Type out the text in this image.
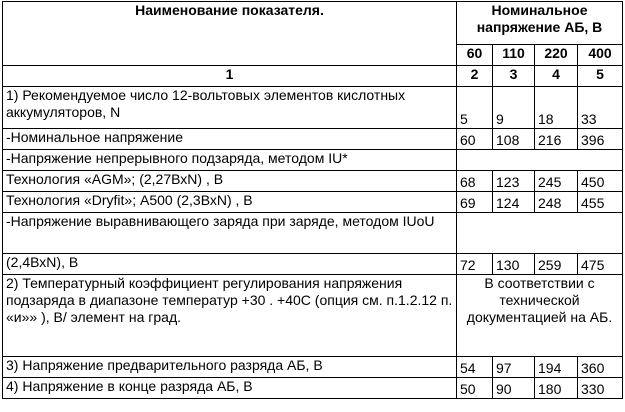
Наименование показателя.	Номинальное напряжение АБ, В			
	60	110	220	400
1	2	3	4	5
1) Рекомендуемое число 12-вольтовых элементов кислотных аккумуляторов, N	5	9	18	33
-Номинальное напряжение	60	108	216	396
-Напряжение непрерывного подзаряда, методом IU*				
Технология «AGM»; (2,27ВхN) , В	68	123	245	450
Технология «Dryfit»; А500 (2,3ВхN) , В	69	124	248	455
-Напряжение выравнивающего заряда при заряде, методом IUoU				
(2,4ВхN), В	72	130	259	475
2) Температурный коэффициент регулирования напряжения подзаряда в диапазоне температур +30 . +40С (опция см. п.1.2.12 п. «и»» ), В/ элемент на град.	В соответствии с технической документацией на АБ.			
3) Напряжение предварительного разряда АБ, В	54	97	194	360
4) Напряжение в конце разряда АБ, В	50	90	180	330
